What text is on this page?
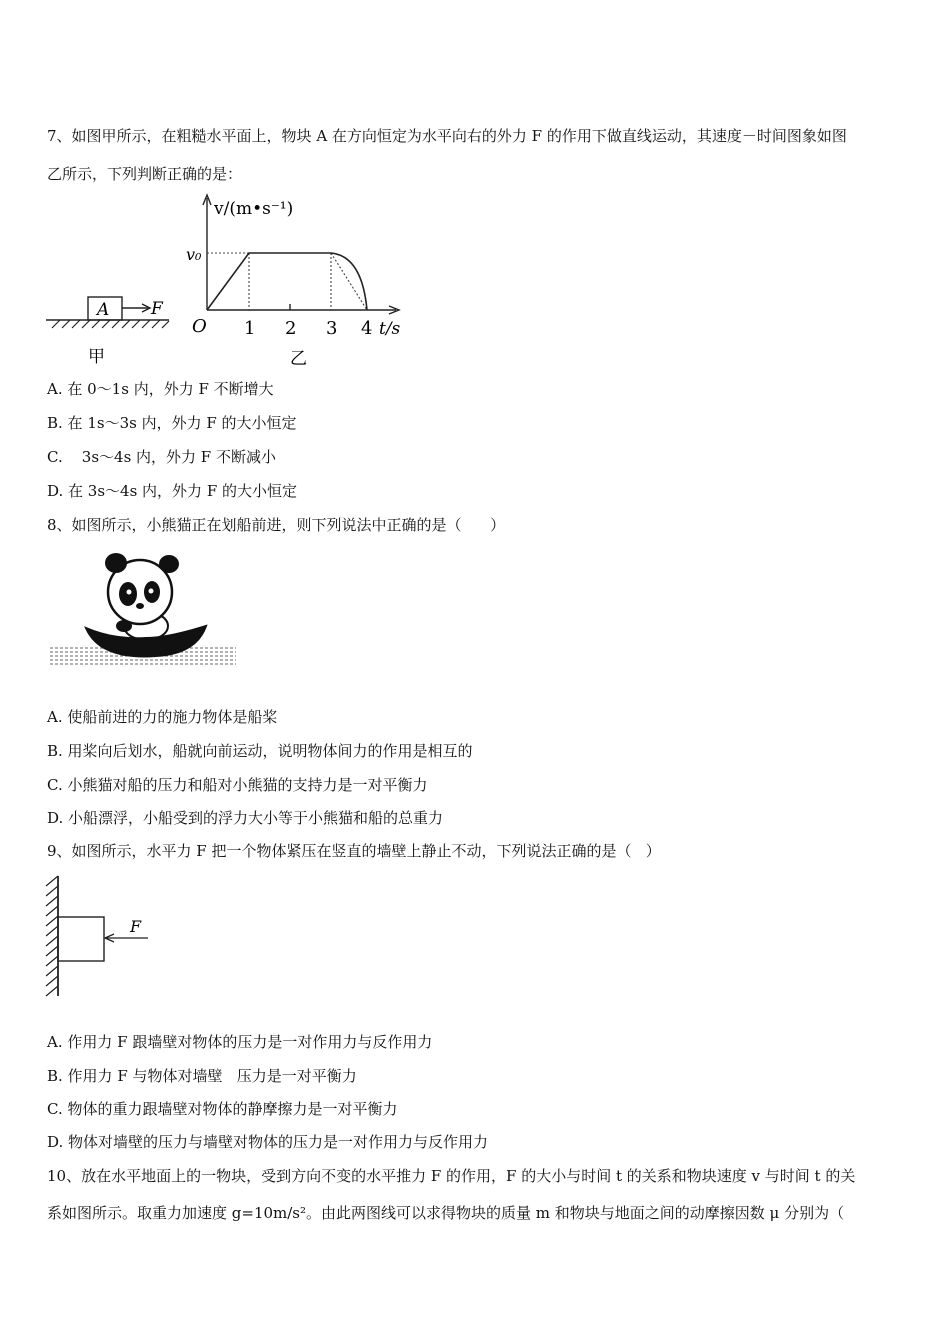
7、如图甲所示，在粗糙水平面上，物块 A 在方向恒定为水平向右的外力 F 的作用下做直线运动，其速度－时间图象如图
乙所示，下列判断正确的是：
A F
甲
v/(m•s⁻¹)
v₀
O 1 2 3 4 t/s
乙
A. 在 0～1s 内，外力 F 不断增大
B. 在 1s～3s 内，外力 F 的大小恒定
C.    3s～4s 内，外力 F 不断减小
D. 在 3s～4s 内，外力 F 的大小恒定
8、如图所示，小熊猫正在划船前进，则下列说法中正确的是（      ）
A. 使船前进的力的施力物体是船桨
B. 用桨向后划水，船就向前运动，说明物体间力的作用是相互的
C. 小熊猫对船的压力和船对小熊猫的支持力是一对平衡力
D. 小船漂浮，小船受到的浮力大小等于小熊猫和船的总重力
9、如图所示，水平力 F 把一个物体紧压在竖直的墙壁上静止不动，下列说法正确的是（   ）
F
A. 作用力 F 跟墙壁对物体的压力是一对作用力与反作用力
B. 作用力 F 与物体对墙壁   压力是一对平衡力
C. 物体的重力跟墙壁对物体的静摩擦力是一对平衡力
D. 物体对墙壁的压力与墙壁对物体的压力是一对作用力与反作用力
10、放在水平地面上的一物块，受到方向不变的水平推力 F 的作用，F 的大小与时间 t 的关系和物块速度 v 与时间 t 的关
系如图所示。取重力加速度 g=10m/s²。由此两图线可以求得物块的质量 m 和物块与地面之间的动摩擦因数 μ 分别为（
